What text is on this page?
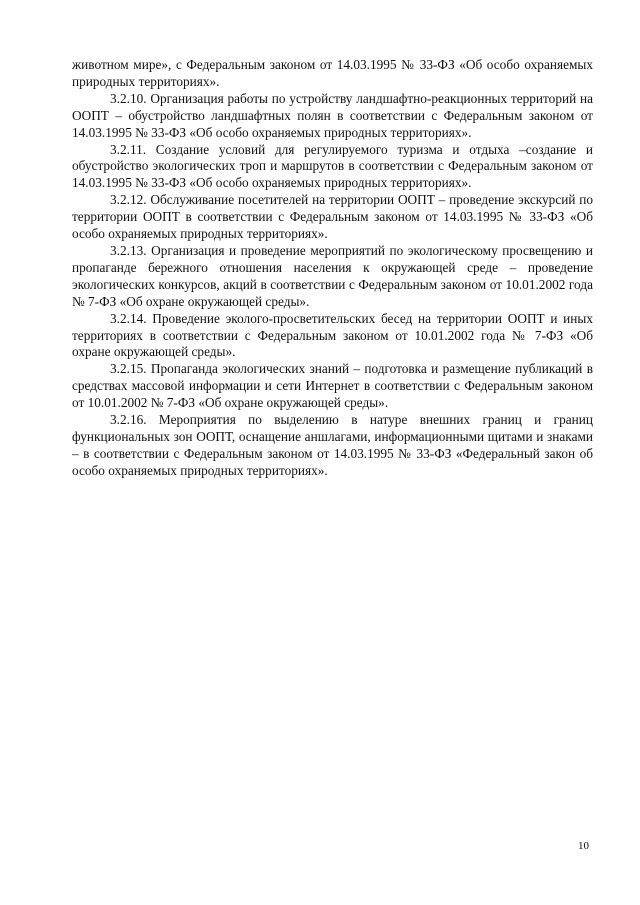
животном мире», с Федеральным законом от 14.03.1995 № 33-ФЗ «Об особо охраняемых природных территориях».

3.2.10. Организация работы по устройству ландшафтно-реакционных территорий на ООПТ – обустройство ландшафтных полян в соответствии с Федеральным законом от 14.03.1995 № 33-ФЗ «Об особо охраняемых природных территориях».

3.2.11. Создание условий для регулируемого туризма и отдыха –создание и обустройство экологических троп и маршрутов в соответствии с Федеральным законом от 14.03.1995 № 33-ФЗ «Об особо охраняемых природных территориях».

3.2.12. Обслуживание посетителей на территории ООПТ – проведение экскурсий по территории ООПТ в соответствии с Федеральным законом от 14.03.1995 № 33-ФЗ «Об особо охраняемых природных территориях».

3.2.13. Организация и проведение мероприятий по экологическому просвещению и пропаганде бережного отношения населения к окружающей среде – проведение экологических конкурсов, акций в соответствии с Федеральным законом от 10.01.2002 года № 7-ФЗ «Об охране окружающей среды».

3.2.14. Проведение эколого-просветительских бесед на территории ООПТ и иных территориях в соответствии с Федеральным законом от 10.01.2002 года № 7-ФЗ «Об охране окружающей среды».

3.2.15. Пропаганда экологических знаний – подготовка и размещение публикаций в средствах массовой информации и сети Интернет в соответствии с Федеральным законом от 10.01.2002 № 7-ФЗ «Об охране окружающей среды».

3.2.16. Мероприятия по выделению в натуре внешних границ и границ функциональных зон ООПТ, оснащение аншлагами, информационными щитами и знаками – в соответствии с Федеральным законом от 14.03.1995 № 33-ФЗ «Федеральный закон об особо охраняемых природных территориях».

10
